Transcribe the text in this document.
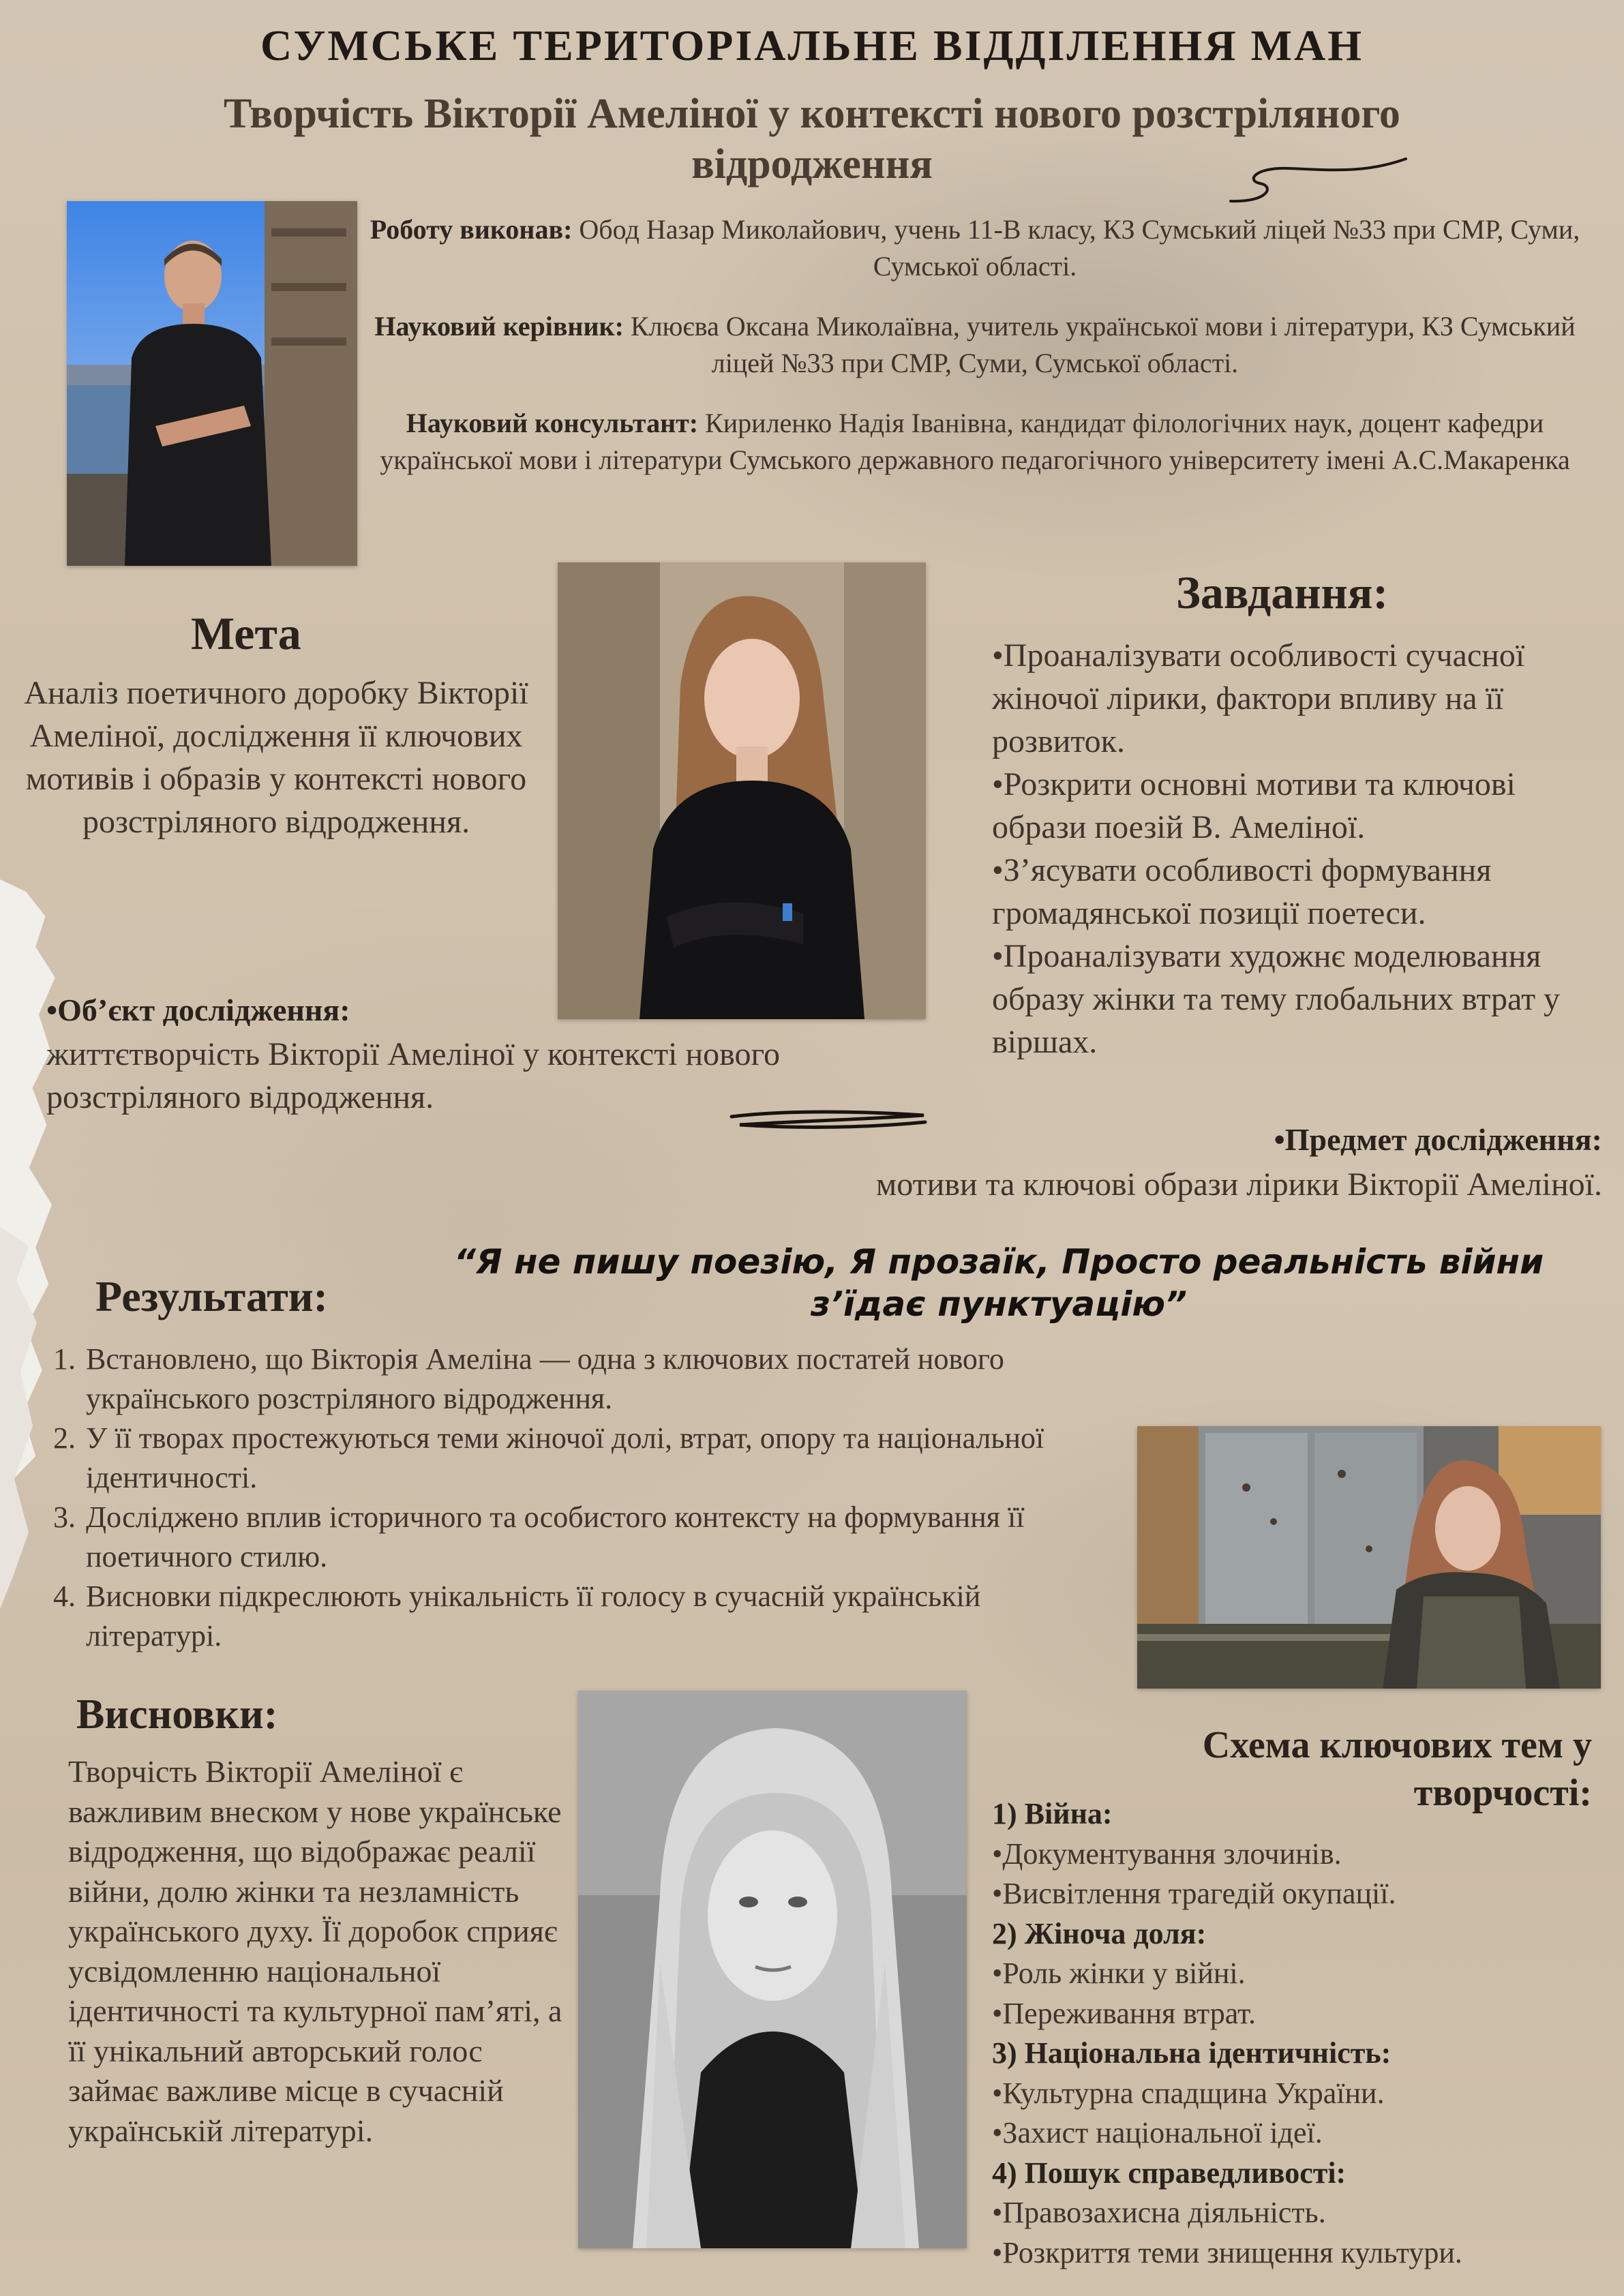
СУМСЬКЕ ТЕРИТОРІАЛЬНЕ ВІДДІЛЕННЯ МАН
Творчість Вікторії Амеліної у контексті нового розстріляного відродження

Роботу виконав: Обод Назар Миколайович, учень 11-В класу, КЗ Сумський ліцей №33 при СМР, Суми, Сумської області.

Науковий керівник: Клюєва Оксана Миколаївна, учитель української мови і літератури, КЗ Сумський ліцей №33 при СМР, Суми, Сумської області.

Науковий консультант: Кириленко Надія Іванівна, кандидат філологічних наук, доцент кафедри української мови і літератури Сумського державного педагогічного університету імені А.С.Макаренка

Мета
Аналіз поетичного доробку Вікторії Амеліної, дослідження її ключових мотивів і образів у контексті нового розстріляного відродження.
Завдання:
•Проаналізувати особливості сучасної жіночої лірики, фактори впливу на її розвиток.
•Розкрити основні мотиви та ключові образи поезій В. Амеліної.
•З’ясувати особливості формування громадянської позиції поетеси.
•Проаналізувати художнє моделювання образу жінки та тему глобальних втрат у віршах.
•Об’єкт дослідження:
життєтворчість Вікторії Амеліної у контексті нового розстріляного відродження.
•Предмет дослідження:
мотиви та ключові образи лірики Вікторії Амеліної.
“Я не пишу поезію, Я прозаїк, Просто реальність війни з’їдає пунктуацію”
Результати:
1. Встановлено, що Вікторія Амеліна — одна з ключових постатей нового українського розстріляного відродження.
2. У її творах простежуються теми жіночої долі, втрат, опору та національної ідентичності.
3. Досліджено вплив історичного та особистого контексту на формування її поетичного стилю.
4. Висновки підкреслюють унікальність її голосу в сучасній українській літературі.
Висновки:
Творчість Вікторії Амеліної є важливим внеском у нове українське відродження, що відображає реалії війни, долю жінки та незламність українського духу. Її доробок сприяє усвідомленню національної ідентичності та культурної пам’яті, а її унікальний авторський голос займає важливе місце в сучасній українській літературі.
Схема ключових тем у творчості:
1) Війна:
•Документування злочинів.
•Висвітлення трагедій окупації.
2) Жіноча доля:
•Роль жінки у війні.
•Переживання втрат.
3) Національна ідентичність:
•Культурна спадщина України.
•Захист національної ідеї.
4) Пошук справедливості:
•Правозахисна діяльність.
•Розкриття теми знищення культури.
